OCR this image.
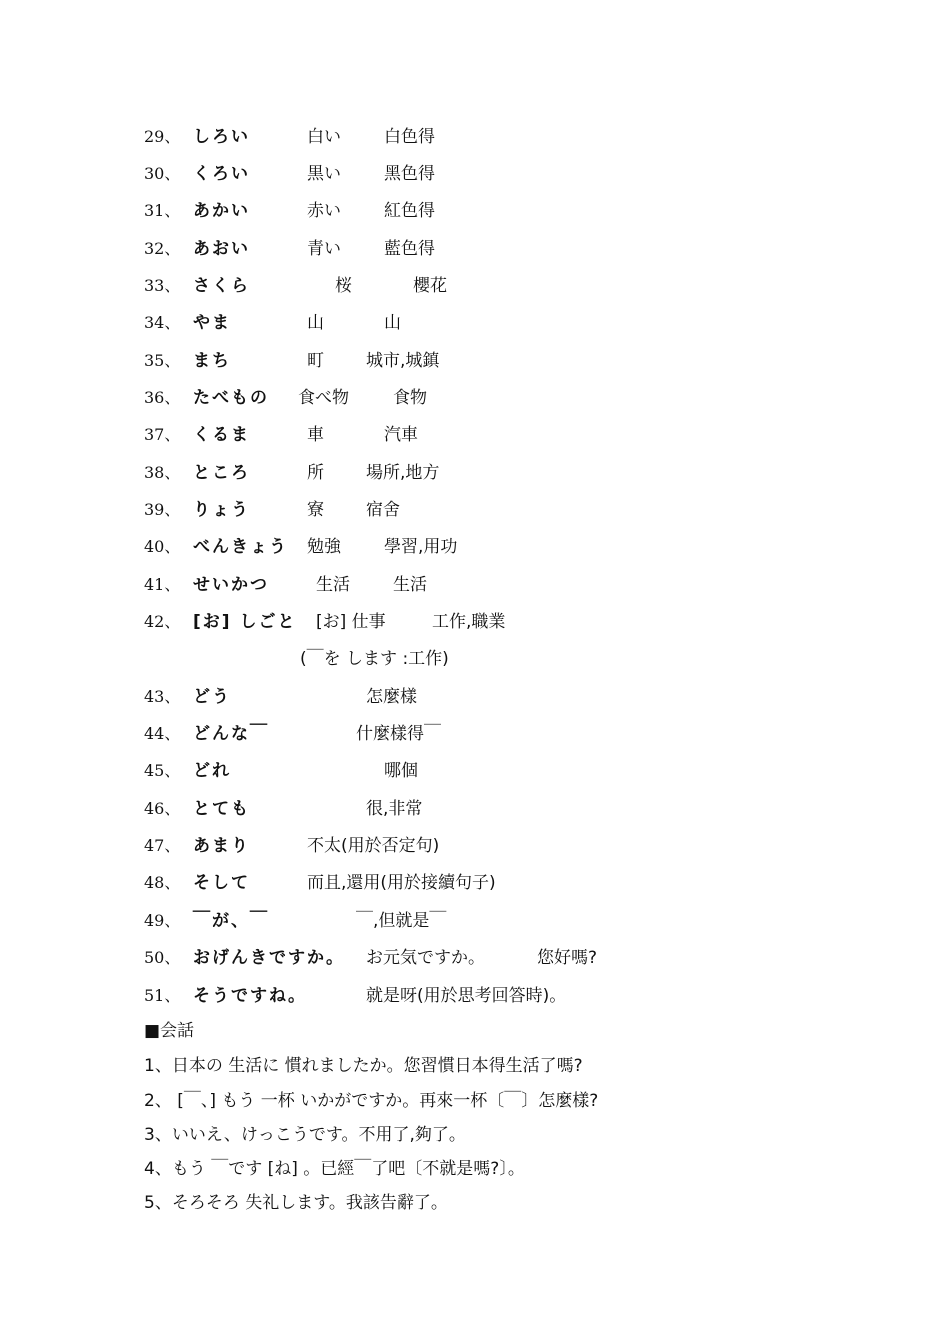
29、 しろい	白い	白色得
30、 くろい	黒い	黑色得
31、 あかい	赤い	紅色得
32、 あおい	青い	藍色得
33、 さくら	桜	櫻花
34、 やま	山	山
35、 まち	町 城市,城鎮
36、 たべもの 食べ物	食物
37、 くるま	車	汽車
38、 ところ	所 場所,地方
39、 りょう	寮 宿舍
40、 べんきょう 勉強	學習,用功
41、 せいかつ	生活	生活
42、 [お] しごと [お] 仕事	工作,職業
(￣を します :工作)
43、 どう	怎麼樣
44、 どんな￣	什麼樣得￣
45、 どれ	哪個
46、 とても	很,非常
47、 あまり	不太(用於否定句)
48、 そして	而且,還用(用於接續句子)
49、 ￣が、￣	￣,但就是￣
50、 おげんきですか。 お元気ですか。	您好嗎?
51、 そうですね。	就是呀(用於思考回答時)。
■会話
1、日本の 生活に 慣れましたか。您習慣日本得生活了嗎?
2、 [￣、] もう 一杯 いかがですか。再來一杯〔￣〕怎麼樣?
3、いいえ、けっこうです。不用了,夠了。
4、もう ￣です [ね] 。已經￣了吧〔不就是嗎?〕。
5、そろそろ 失礼します。我該告辭了。
